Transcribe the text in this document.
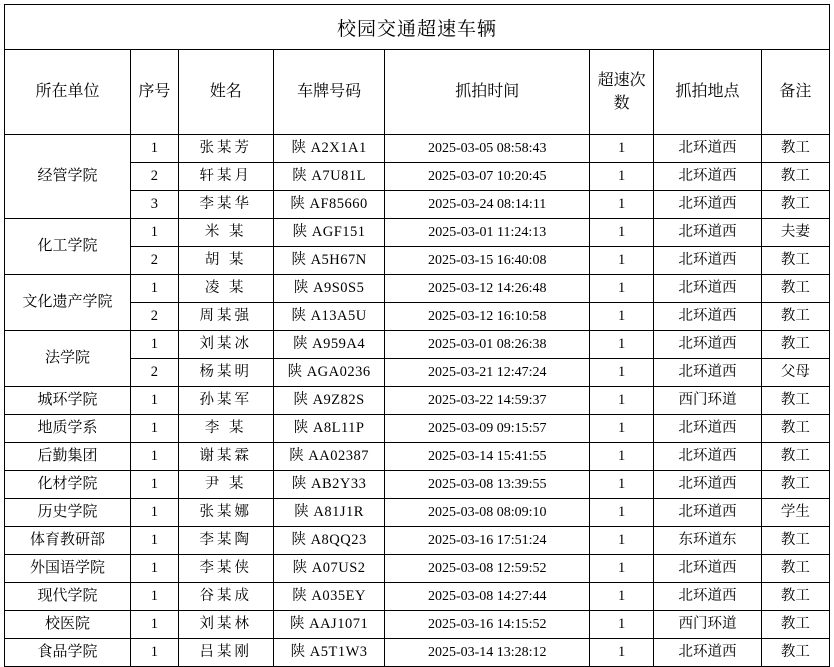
校园交通超速车辆							
所在单位	序号	姓名	车牌号码	抓拍时间	超速次数	抓拍地点	备注
经管学院	1	张某芳	陕 A2X1A1	2025-03-05 08:58:43	1	北环道西	教工
	2	轩某月	陕 A7U81L	2025-03-07 10:20:45	1	北环道西	教工
	3	李某华	陕 AF85660	2025-03-24 08:14:11	1	北环道西	教工
化工学院	1	米 某	陕 AGF151	2025-03-01 11:24:13	1	北环道西	夫妻
	2	胡 某	陕 A5H67N	2025-03-15 16:40:08	1	北环道西	教工
文化遗产学院	1	凌 某	陕 A9S0S5	2025-03-12 14:26:48	1	北环道西	教工
	2	周某强	陕 A13A5U	2025-03-12 16:10:58	1	北环道西	教工
法学院	1	刘某冰	陕 A959A4	2025-03-01 08:26:38	1	北环道西	教工
	2	杨某明	陕 AGA0236	2025-03-21 12:47:24	1	北环道西	父母
城环学院	1	孙某军	陕 A9Z82S	2025-03-22 14:59:37	1	西门环道	教工
地质学系	1	李 某	陕 A8L11P	2025-03-09 09:15:57	1	北环道西	教工
后勤集团	1	谢某霖	陕 AA02387	2025-03-14 15:41:55	1	北环道西	教工
化材学院	1	尹 某	陕 AB2Y33	2025-03-08 13:39:55	1	北环道西	教工
历史学院	1	张某娜	陕 A81J1R	2025-03-08 08:09:10	1	北环道西	学生
体育教研部	1	李某陶	陕 A8QQ23	2025-03-16 17:51:24	1	东环道东	教工
外国语学院	1	李某侠	陕 A07US2	2025-03-08 12:59:52	1	北环道西	教工
现代学院	1	谷某成	陕 A035EY	2025-03-08 14:27:44	1	北环道西	教工
校医院	1	刘某林	陕 AAJ1071	2025-03-16 14:15:52	1	西门环道	教工
食品学院	1	吕某刚	陕 A5T1W3	2025-03-14 13:28:12	1	北环道西	教工
